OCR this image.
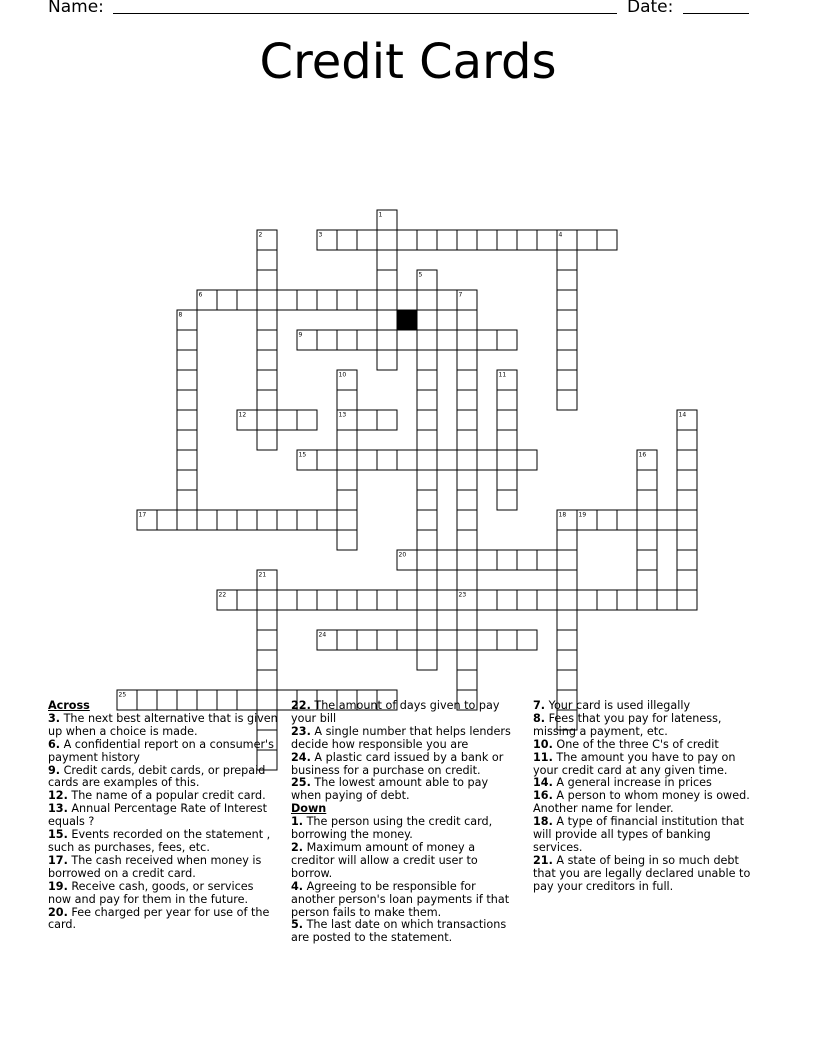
Name:	Date:
Credit Cards
1
2	3	4
5
6	7
8
9
10	11
12	13	14
15	16
17	18 19
20
21
22	23
24
25
Across
3. The next best alternative that is given up when a choice is made.
6. A confidential report on a consumer's payment history
9. Credit cards, debit cards, or prepaid cards are examples of this.
12. The name of a popular credit card.
13. Annual Percentage Rate of Interest equals ?
15. Events recorded on the statement , such as purchases, fees, etc.
17. The cash received when money is borrowed on a credit card.
19. Receive cash, goods, or services now and pay for them in the future.
20. Fee charged per year for use of the card.
22. The amount of days given to pay your bill
23. A single number that helps lenders decide how responsible you are
24. A plastic card issued by a bank or business for a purchase on credit.
25. The lowest amount able to pay when paying of debt.
Down
1. The person using the credit card, borrowing the money.
2. Maximum amount of money a creditor will allow a credit user to borrow.
4. Agreeing to be responsible for another person's loan payments if that person fails to make them.
5. The last date on which transactions are posted to the statement.
7. Your card is used illegally
8. Fees that you pay for lateness, missing a payment, etc.
10. One of the three C's of credit
11. The amount you have to pay on your credit card at any given time.
14. A general increase in prices
16. A person to whom money is owed. Another name for lender.
18. A type of financial institution that will provide all types of banking services.
21. A state of being in so much debt that you are legally declared unable to pay your creditors in full.
